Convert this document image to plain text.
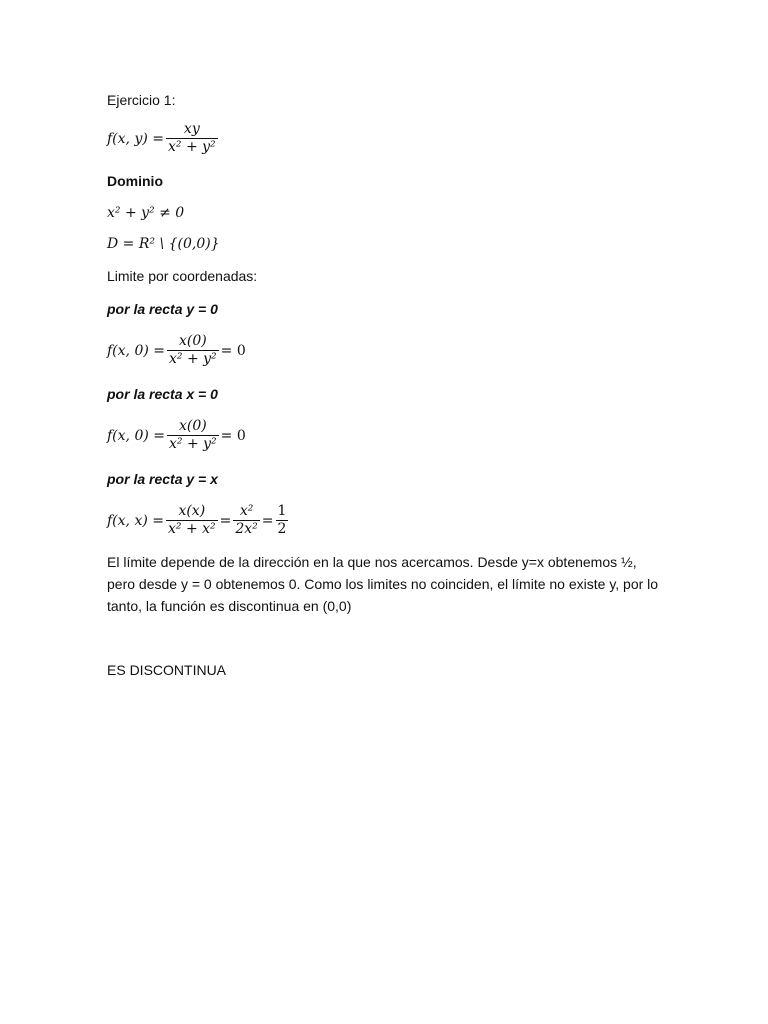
Ejercicio 1:
f(x, $y) = \frac{xy}{\text{x² + y²}}$
Dominio
x² + y² ≠ 0
D = R² \ {(0,0)}
Limite por coordenadas:
por la recta y = 0
f(x, $0) = \frac{x(0)}{\text{x² + y²}} = 0$
por la recta x = 0
f(x, $0) = \frac{x(0)}{\text{x² + y²}} = 0$
por la recta y = x
f(x, $x) = \frac{x(x)}{\text{x² + x²}} = \frac{\text{x²}}{\text{2x²}} = \frac{1}{2}$
El límite depende de la dirección en la que nos acercamos. Desde y=x obtenemos ½, pero desde y = 0 obtenemos 0. Como los limites no coinciden, el límite no existe y, por lo tanto, la función es discontinua en (0,0)
ES DISCONTINUA
